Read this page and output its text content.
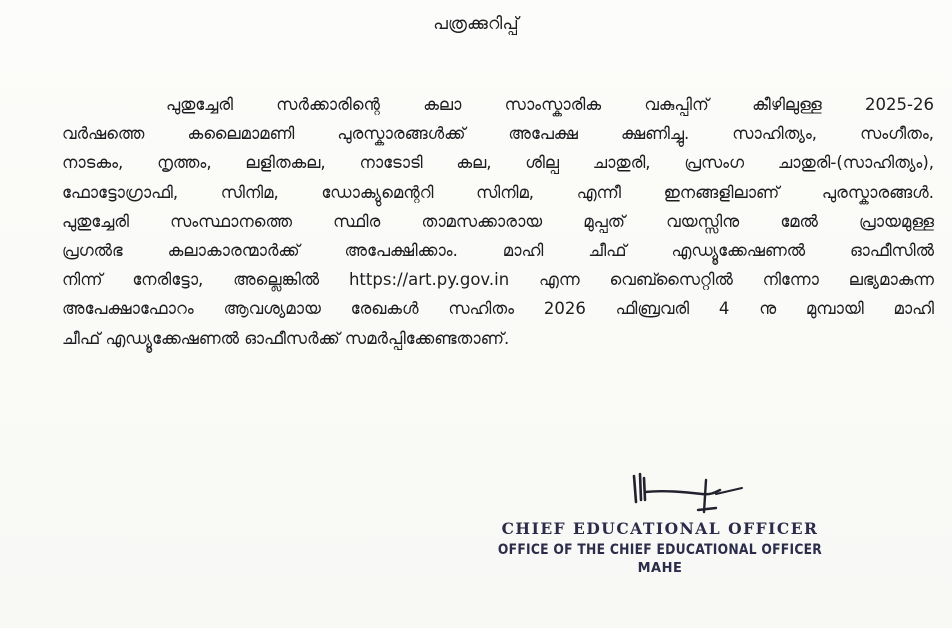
പത്രക്കുറിപ്പ്
പുതുച്ചേരി സർക്കാരിന്റെ കലാ സാംസ്കാരിക വകുപ്പിന് കീഴിലുള്ള 2025-26
വർഷത്തെ കലൈമാമണി പുരസ്കാരങ്ങൾക്ക് അപേക്ഷ ക്ഷണിച്ചു. സാഹിത്യം, സംഗീതം,
നാടകം, നൃത്തം, ലളിതകല, നാടോടി കല, ശില്പ ചാതുരി, പ്രസംഗ ചാതുരി-(സാഹിത്യം),
ഫോട്ടോഗ്രാഫി, സിനിമ, ഡോക്യുമെന്ററി സിനിമ, എന്നീ ഇനങ്ങളിലാണ് പുരസ്കാരങ്ങൾ.
പുതുച്ചേരി സംസ്ഥാനത്തെ സ്ഥിര താമസക്കാരായ മുപ്പത് വയസ്സിനു മേൽ പ്രായമുള്ള
പ്രഗൽഭ കലാകാരന്മാർക്ക് അപേക്ഷിക്കാം. മാഹി ചീഫ് എഡ്യൂക്കേഷണൽ ഓഫീസിൽ
നിന്ന് നേരിട്ടോ, അല്ലെങ്കിൽ https://art.py.gov.in എന്ന വെബ്സൈറ്റിൽ നിന്നോ ലഭ്യമാകുന്ന
അപേക്ഷാഫോറം ആവശ്യമായ രേഖകൾ സഹിതം 2026 ഫിബ്രവരി 4 നു മുമ്പായി മാഹി
ചീഫ് എഡ്യൂക്കേഷണൽ ഓഫീസർക്ക് സമർപ്പിക്കേണ്ടതാണ്.
CHIEF EDUCATIONAL OFFICER
OFFICE OF THE CHIEF EDUCATIONAL OFFICER
MAHE
